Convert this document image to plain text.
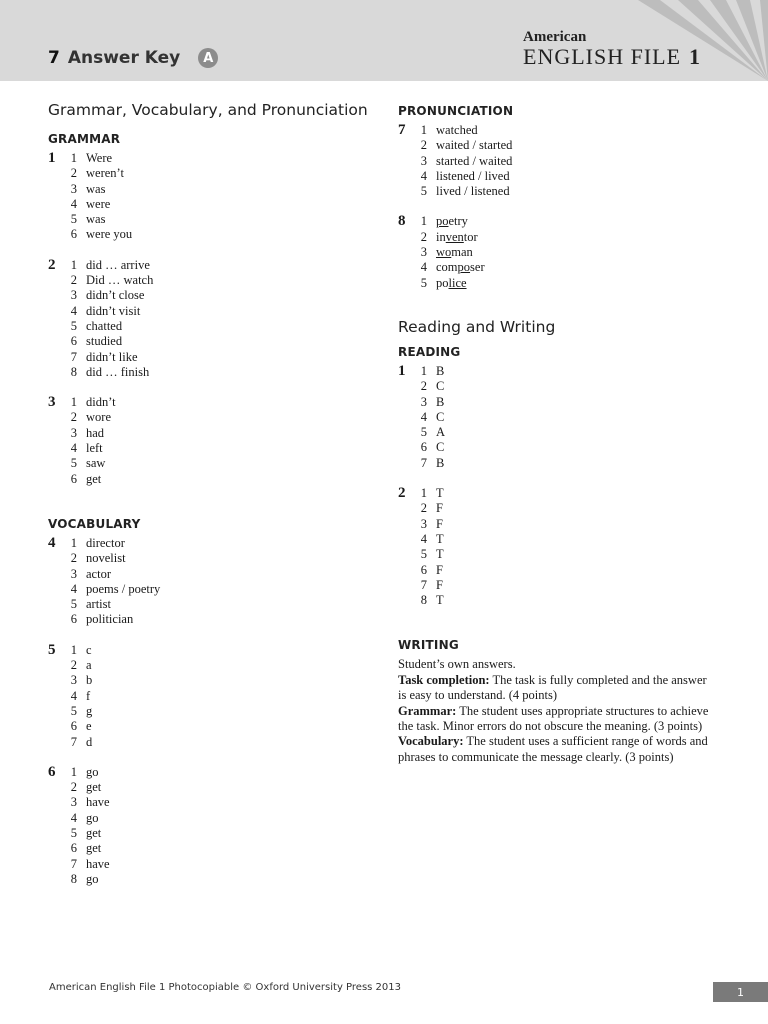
7 Answer Key	A
American
ENGLISH FILE 1
Grammar, Vocabulary, and Pronunciation
GRAMMAR
1	1 Were
2 weren’t
3 was
4 were
5 was
6 were you
2	1 did … arrive
2 Did … watch
3 didn’t close
4 didn’t visit
5 chatted
6 studied
7 didn’t like
8 did … finish
3	1 didn’t
2 wore
3 had
4 left
5 saw
6 get
VOCABULARY
4	1 director
2 novelist
3 actor
4 poems / poetry
5 artist
6 politician
5	1 c
2 a
3 b
4 f
5 g
6 e
7 d
6	1 go
2 get
3 have
4 go
5 get
6 get
7 have
8 go
PRONUNCIATION
7	1 watched
2 waited / started
3 started / waited
4 listened / lived
5 lived / listened
8	1 poetry
2 inventor
3 woman
4 composer
5 police
Reading and Writing
READING
1	1 B
2 C
3 B
4 C
5 A
6 C
7 B
2	1 T
2 F
3 F
4 T
5 T
6 F
7 F
8 T
WRITING

Student’s own answers.

Task completion: The task is fully completed and the answer is easy to understand. (4 points)

Grammar: The student uses appropriate structures to achieve the task. Minor errors do not obscure the meaning. (3 points)

Vocabulary: The student uses a sufficient range of words and phrases to communicate the message clearly. (3 points)

American English File 1 Photocopiable © Oxford University Press 2013	1
